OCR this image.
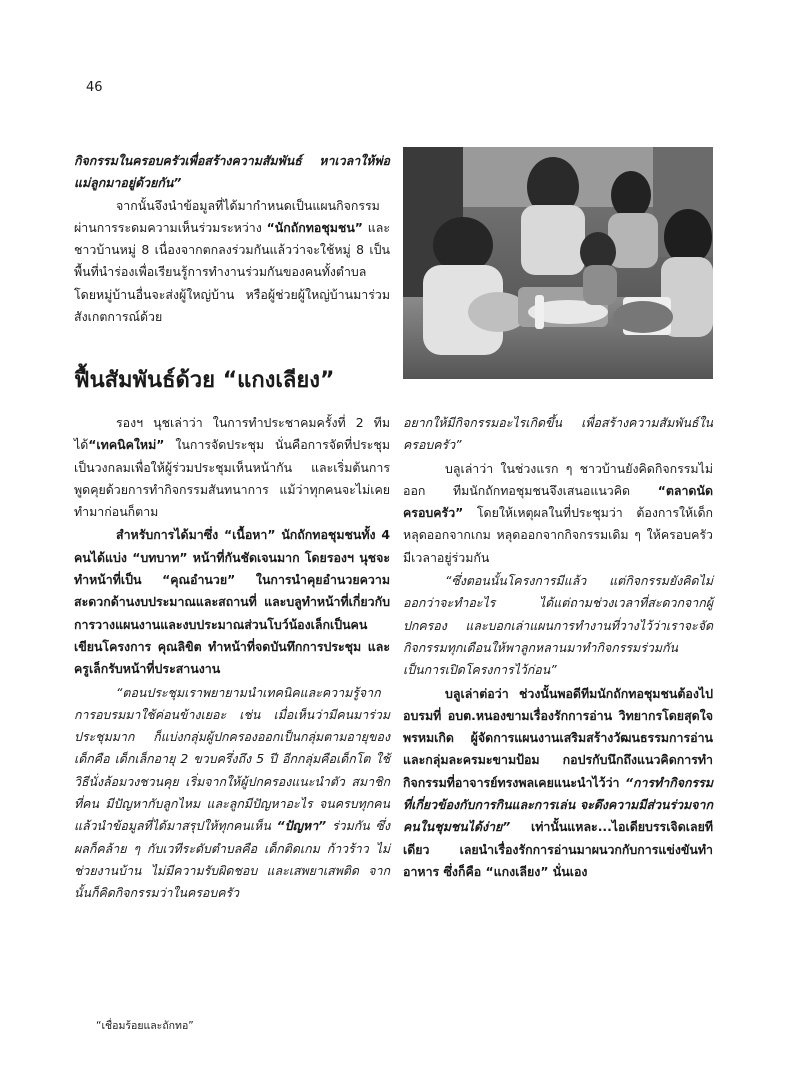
46

กิจกรรมในครอบครัวเพื่อสร้างความสัมพันธ์ หาเวลาให้พ่อแม่ลูกมาอยู่ด้วยกัน”

จากนั้นจึงนำข้อมูลที่ได้มากำหนดเป็นแผนกิจกรรม ผ่านการระดมความเห็นร่วมระหว่าง “นักถักทอชุมชน” และชาวบ้านหมู่ 8 เนื่องจากตกลงร่วมกันแล้วว่าจะใช้หมู่ 8 เป็นพื้นที่นำร่องเพื่อเรียนรู้การทำงานร่วมกันของคนทั้งตำบล โดยหมู่บ้านอื่นจะส่งผู้ใหญ่บ้าน หรือผู้ช่วยผู้ใหญ่บ้านมาร่วมสังเกตการณ์ด้วย

ฟื้นสัมพันธ์ด้วย “แกงเลียง”

รองฯ นุชเล่าว่า ในการทำประชาคมครั้งที่ 2 ทีมได้“เทคนิคใหม่” ในการจัดประชุม นั่นคือการจัดที่ประชุมเป็นวงกลมเพื่อให้ผู้ร่วมประชุมเห็นหน้ากัน และเริ่มต้นการพูดคุยด้วยการทำกิจกรรมสันทนาการ แม้ว่าทุกคนจะไม่เคยทำมาก่อนก็ตาม

สำหรับการได้มาซึ่ง “เนื้อหา” นักถักทอชุมชนทั้ง 4 คนได้แบ่ง “บทบาท” หน้าที่กันชัดเจนมาก โดยรองฯ นุชจะทำหน้าที่เป็น “คุณอำนวย” ในการนำคุยอำนวยความสะดวกด้านงบประมาณและสถานที่ และบลูทำหน้าที่เกี่ยวกับการวางแผนงานและงบประมาณส่วนโบว์น้องเล็กเป็นคนเขียนโครงการ คุณลิขิต ทำหน้าที่จดบันทึกการประชุม และครูเล็กรับหน้าที่ประสานงาน

“ตอนประชุมเราพยายามนำเทคนิคและความรู้จากการอบรมมาใช้ค่อนข้างเยอะ เช่น เมื่อเห็นว่ามีคนมาร่วมประชุมมาก ก็แบ่งกลุ่มผู้ปกครองออกเป็นกลุ่มตามอายุของเด็กคือ เด็กเล็กอายุ 2 ขวบครึ่งถึง 5 ปี อีกกลุ่มคือเด็กโต ใช้วิธีนั่งล้อมวงชวนคุย เริ่มจากให้ผู้ปกครองแนะนำตัว สมาชิกที่คน มีปัญหากับลูกไหม และลูกมีปัญหาอะไร จนครบทุกคน แล้วนำข้อมูลที่ได้มาสรุปให้ทุกคนเห็น “ปัญหา” ร่วมกัน ซึ่งผลก็คล้าย ๆ กับเวทีระดับตำบลคือ เด็กติดเกม ก้าวร้าว ไม่ช่วยงานบ้าน ไม่มีความรับผิดชอบ และเสพยาเสพติด จากนั้นก็คิดกิจกรรมว่าในครอบครัว

อยากให้มีกิจกรรมอะไรเกิดขึ้น เพื่อสร้างความสัมพันธ์ในครอบครัว”

บลูเล่าว่า ในช่วงแรก ๆ ชาวบ้านยังคิดกิจกรรมไม่ออก ทีมนักถักทอชุมชนจึงเสนอแนวคิด “ตลาดนัดครอบครัว” โดยให้เหตุผลในที่ประชุมว่า ต้องการให้เด็กหลุดออกจากเกม หลุดออกจากกิจกรรมเดิม ๆ ให้ครอบครัวมีเวลาอยู่ร่วมกัน

“ซึ่งตอนนั้นโครงการมีแล้ว แต่กิจกรรมยังคิดไม่ออกว่าจะทำอะไร ได้แต่ถามช่วงเวลาที่สะดวกจากผู้ปกครอง และบอกเล่าแผนการทำงานที่วางไว้ว่าเราจะจัดกิจกรรมทุกเดือนให้พาลูกหลานมาทำกิจกรรมร่วมกัน เป็นการเปิดโครงการไว้ก่อน”

บลูเล่าต่อว่า ช่วงนั้นพอดีทีมนักถักทอชุมชนต้องไปอบรมที่ อบต.หนองขามเรื่องรักการอ่าน วิทยากรโดยสุดใจ พรหมเกิด ผู้จัดการแผนงานเสริมสร้างวัฒนธรรมการอ่าน และกลุ่มละครมะขามป้อม กอปรกับนึกถึงแนวคิดการทำกิจกรรมที่อาจารย์ทรงพลเคยแนะนำไว้ว่า “การทำกิจกรรมที่เกี่ยวข้องกับการกินและการเล่น จะดึงความมีส่วนร่วมจากคนในชุมชนได้ง่าย” เท่านั้นแหละ...ไอเดียบรรเจิดเลยทีเดียว เลยนำเรื่องรักการอ่านมาผนวกกับการแข่งขันทำอาหาร ซึ่งก็คือ “แกงเลียง” นั่นเอง

“เชื่อมร้อยและถักทอ”
